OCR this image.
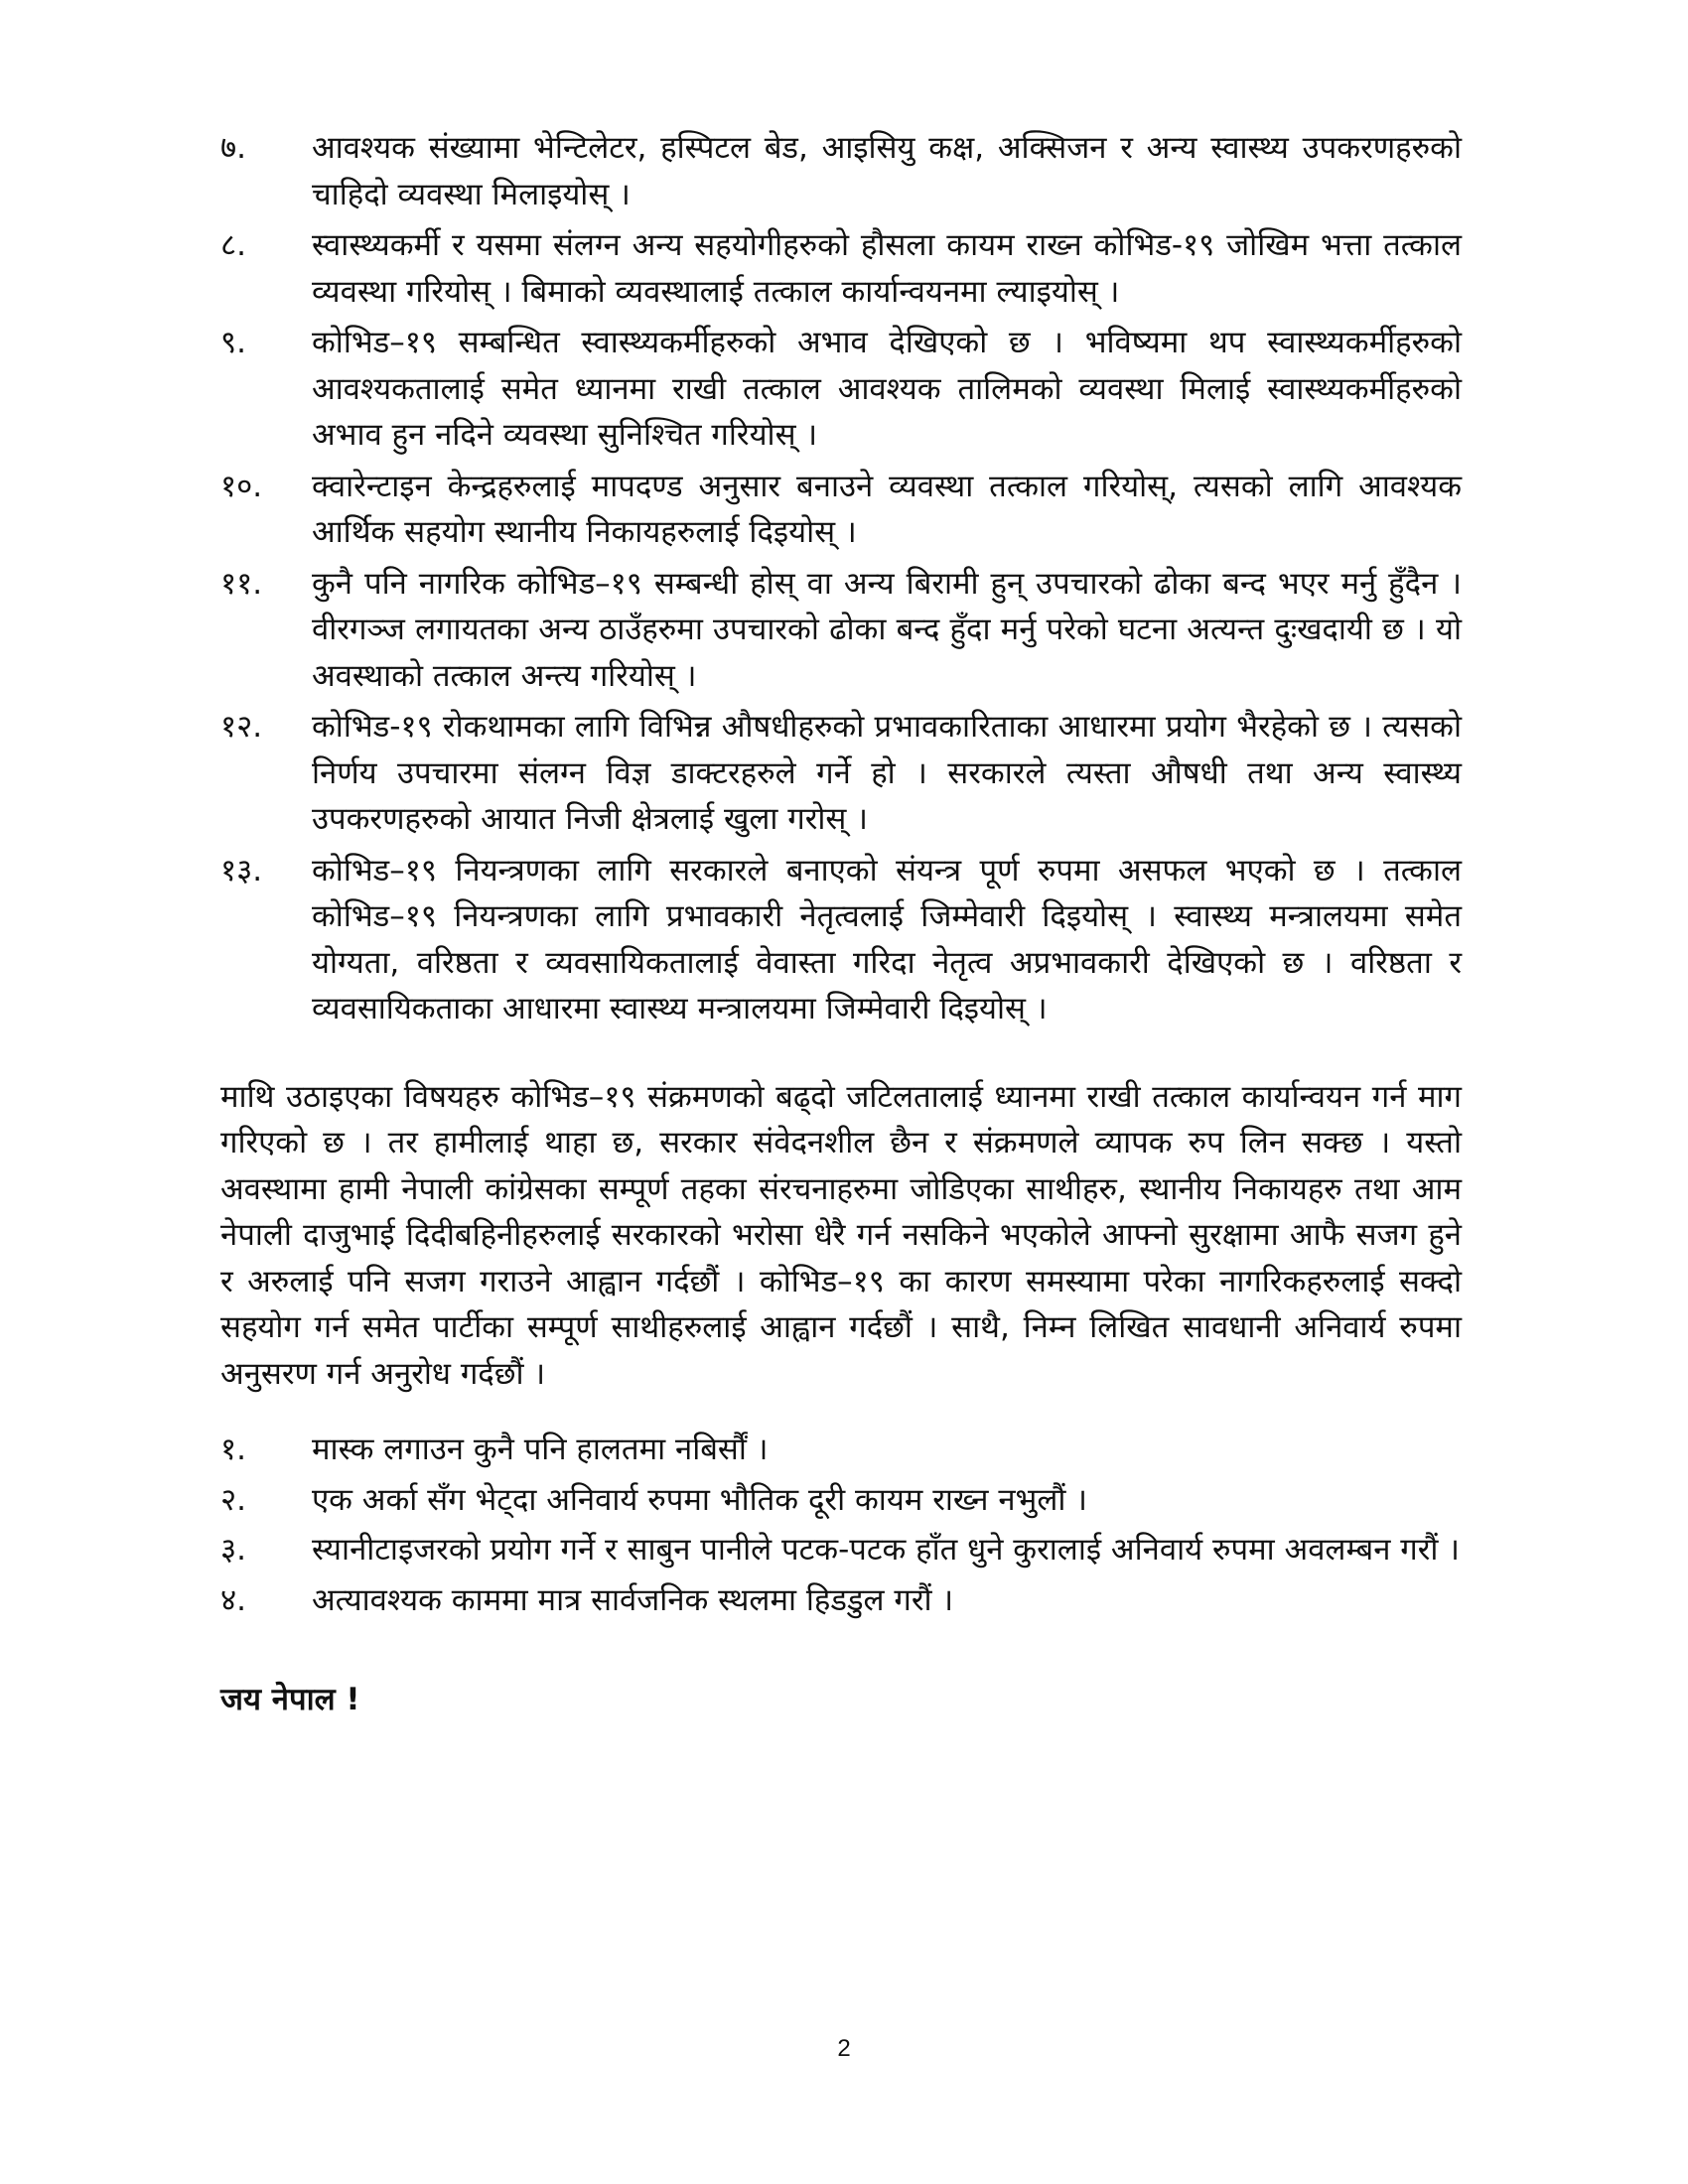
७.	आवश्यक संख्यामा भेन्टिलेटर, हस्पिटल बेड, आइसियु कक्ष, अक्सिजन र अन्य स्वास्थ्य उपकरणहरुको चाहिदो व्यवस्था मिलाइयोस् ।
८.	स्वास्थ्यकर्मी र यसमा संलग्न अन्य सहयोगीहरुको हौसला कायम राख्न कोभिड-१९ जोखिम भत्ता तत्काल व्यवस्था गरियोस् । बिमाको व्यवस्थालाई तत्काल कार्यान्वयनमा ल्याइयोस् ।
९.	कोभिड–१९ सम्बन्धित स्वास्थ्यकर्मीहरुको अभाव देखिएको छ । भविष्यमा थप स्वास्थ्यकर्मीहरुको आवश्यकतालाई समेत ध्यानमा राखी तत्काल आवश्यक तालिमको व्यवस्था मिलाई स्वास्थ्यकर्मीहरुको अभाव हुन नदिने व्यवस्था सुनिश्चित गरियोस् ।
१०.	क्वारेन्टाइन केन्द्रहरुलाई मापदण्ड अनुसार बनाउने व्यवस्था तत्काल गरियोस्, त्यसको लागि आवश्यक आर्थिक सहयोग स्थानीय निकायहरुलाई दिइयोस् ।
११.	कुनै पनि नागरिक कोभिड–१९ सम्बन्धी होस् वा अन्य बिरामी हुन् उपचारको ढोका बन्द भएर मर्नु हुँदैन । वीरगञ्ज लगायतका अन्य ठाउँहरुमा उपचारको ढोका बन्द हुँदा मर्नु परेको घटना अत्यन्त दुःखदायी छ । यो अवस्थाको तत्काल अन्त्य गरियोस् ।
१२.	कोभिड-१९ रोकथामका लागि विभिन्न औषधीहरुको प्रभावकारिताका आधारमा प्रयोग भैरहेको छ । त्यसको निर्णय उपचारमा संलग्न विज्ञ डाक्टरहरुले गर्ने हो । सरकारले त्यस्ता औषधी तथा अन्य स्वास्थ्य उपकरणहरुको आयात निजी क्षेत्रलाई खुला गरोस् ।
१३.	कोभिड–१९ नियन्त्रणका लागि सरकारले बनाएको संयन्त्र पूर्ण रुपमा असफल भएको छ । तत्काल कोभिड–१९ नियन्त्रणका लागि प्रभावकारी नेतृत्वलाई जिम्मेवारी दिइयोस् । स्वास्थ्य मन्त्रालयमा समेत योग्यता, वरिष्ठता र व्यवसायिकतालाई वेवास्ता गरिदा नेतृत्व अप्रभावकारी देखिएको छ । वरिष्ठता र व्यवसायिकताका आधारमा स्वास्थ्य मन्त्रालयमा जिम्मेवारी दिइयोस् ।

माथि उठाइएका विषयहरु कोभिड–१९ संक्रमणको बढ्दो जटिलतालाई ध्यानमा राखी तत्काल कार्यान्वयन गर्न माग गरिएको छ । तर हामीलाई थाहा छ, सरकार संवेदनशील छैन र संक्रमणले व्यापक रुप लिन सक्छ । यस्तो अवस्थामा हामी नेपाली कांग्रेसका सम्पूर्ण तहका संरचनाहरुमा जोडिएका साथीहरु, स्थानीय निकायहरु तथा आम नेपाली दाजुभाई दिदीबहिनीहरुलाई सरकारको भरोसा धेरै गर्न नसकिने भएकोले आफ्नो सुरक्षामा आफै सजग हुने र अरुलाई पनि सजग गराउने आह्वान गर्दछौं । कोभिड–१९ का कारण समस्यामा परेका नागरिकहरुलाई सक्दो सहयोग गर्न समेत पार्टीका सम्पूर्ण साथीहरुलाई आह्वान गर्दछौं । साथै, निम्न लिखित सावधानी अनिवार्य रुपमा अनुसरण गर्न अनुरोध गर्दछौं ।

१.	मास्क लगाउन कुनै पनि हालतमा नबिर्सौं ।
२.	एक अर्का सँग भेट्दा अनिवार्य रुपमा भौतिक दूरी कायम राख्न नभुलौं ।
३.	स्यानीटाइजरको प्रयोग गर्ने र साबुन पानीले पटक-पटक हाँत धुने कुरालाई अनिवार्य रुपमा अवलम्बन गरौं ।
४.	अत्यावश्यक काममा मात्र सार्वजनिक स्थलमा हिडडुल गरौं ।
जय नेपाल !
2
